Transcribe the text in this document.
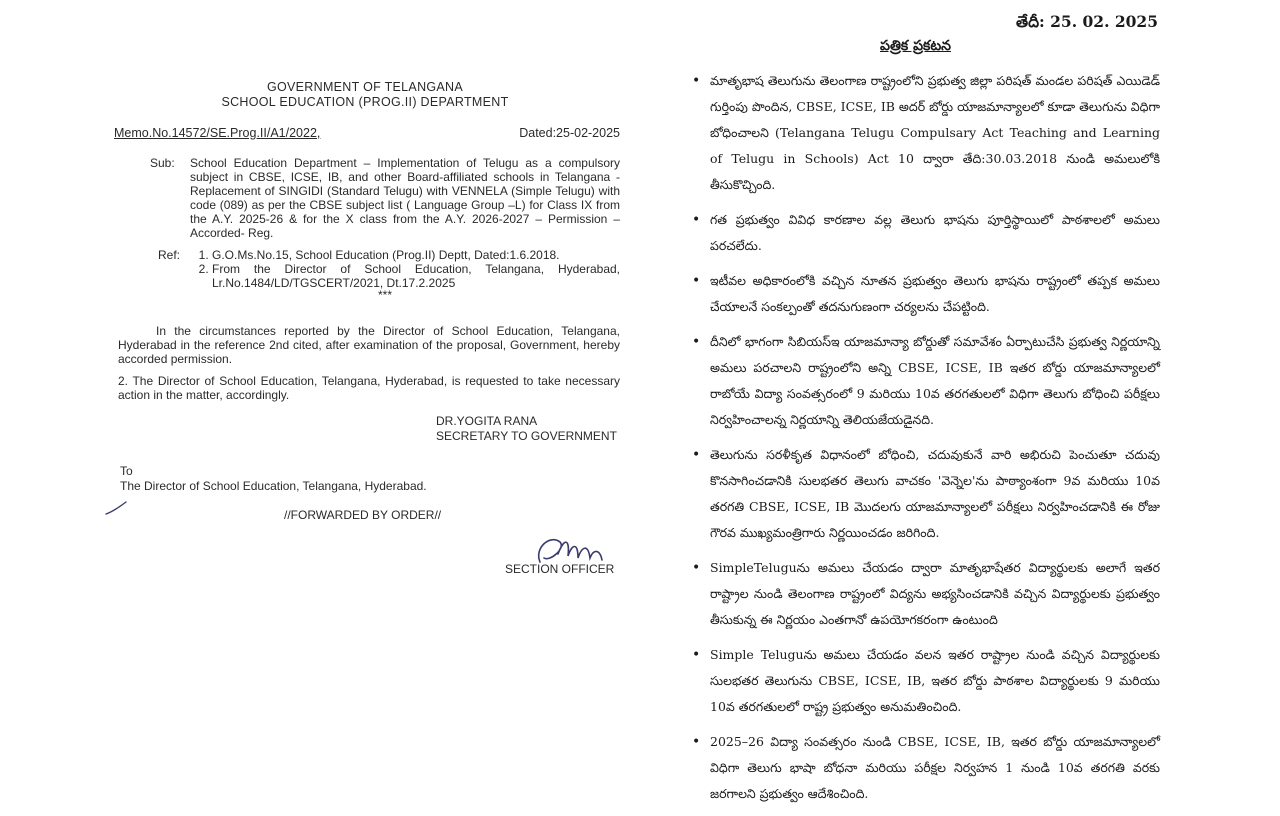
GOVERNMENT OF TELANGANA
SCHOOL EDUCATION (PROG.II) DEPARTMENT
Memo.No.14572/SE.Prog.II/A1/2022,	Dated:25-02-2025
Sub:	School Education Department – Implementation of Telugu as a compulsory subject in CBSE, ICSE, IB, and other Board-affiliated schools in Telangana - Replacement of SINGIDI (Standard Telugu) with VENNELA (Simple Telugu) with code (089) as per the CBSE subject list ( Language Group –L) for Class IX from the A.Y. 2025-26 & for the X class from the A.Y. 2026-2027 – Permission – Accorded- Reg.
Ref:
1.	G.O.Ms.No.15, School Education (Prog.II) Deptt, Dated:1.6.2018.
2. From the Director of School Education, Telangana, Hyderabad, Lr.No.1484/LD/TGSCERT/2021, Dt.17.2.2025
***
In the circumstances reported by the Director of School Education, Telangana, Hyderabad in the reference 2nd cited, after examination of the proposal, Government, hereby accorded permission.
2. The Director of School Education, Telangana, Hyderabad, is requested to take necessary action in the matter, accordingly.
DR.YOGITA RANA
SECRETARY TO GOVERNMENT
To
The Director of School Education, Telangana, Hyderabad.
//FORWARDED BY ORDER//
SECTION OFFICER
తేదీ: 25. 02. 2025
పత్రిక ప్రకటన
• మాతృభాష తెలుగును తెలంగాణ రాష్ట్రంలోని ప్రభుత్వ జిల్లా పరిషత్ మండల పరిషత్ ఎయిడెడ్ గుర్తింపు పొందిన, CBSE, ICSE, IB అదర్ బోర్డు యాజమాన్యాలలో కూడా తెలుగును విధిగా బోధించాలని (Telangana Telugu Compulsary Act Teaching and Learning of Telugu in Schools) Act 10 ద్వారా తేది:30.03.2018 నుండి అమలులోకి తీసుకొచ్చింది.
• గత ప్రభుత్వం వివిధ కారణాల వల్ల తెలుగు భాషను పూర్తిస్థాయిలో పాఠశాలలో అమలు పరచలేదు.
• ఇటీవల అధికారంలోకి వచ్చిన నూతన ప్రభుత్వం తెలుగు భాషను రాష్ట్రంలో తప్పక అమలు చేయాలనే సంకల్పంతో తదనుగుణంగా చర్యలను చేపట్టింది.
• దీనిలో భాగంగా సిబియస్ఇ యాజమాన్యా బోర్డుతో సమావేశం ఏర్పాటుచేసి ప్రభుత్వ నిర్ణయాన్ని అమలు పరచాలని రాష్ట్రంలోని అన్ని CBSE, ICSE, IB ఇతర బోర్డు యాజమాన్యాలలో రాబోయే విద్యా సంవత్సరంలో 9 మరియు 10వ తరగతులలో విధిగా తెలుగు బోధించి పరీక్షలు నిర్వహించాలన్న నిర్ణయాన్ని తెలియజేయడైనది.
• తెలుగును సరళీకృత విధానంలో బోధించి, చదువుకునే వారి అభిరుచి పెంచుతూ చదువు కొనసాగించడానికి సులభతర తెలుగు వాచకం 'వెన్నెల'ను పాఠ్యాంశంగా 9వ మరియు 10వ తరగతి CBSE, ICSE, IB మొదలగు యాజమాన్యాలలో పరీక్షలు నిర్వహించడానికి ఈ రోజు గౌరవ ముఖ్యమంత్రిగారు నిర్ణయించడం జరిగింది.
• SimpleTeluguను అమలు చేయడం ద్వారా మాతృభాషేతర విద్యార్థులకు అలాగే ఇతర రాష్ట్రాల నుండి తెలంగాణ రాష్ట్రంలో విద్యను అభ్యసించడానికి వచ్చిన విద్యార్థులకు ప్రభుత్వం తీసుకున్న ఈ నిర్ణయం ఎంతగానో ఉపయోగకరంగా ఉంటుంది
• Simple Teluguను అమలు చేయడం వలన ఇతర రాష్ట్రాల నుండి వచ్చిన విద్యార్థులకు సులభతర తెలుగును CBSE, ICSE, IB, ఇతర బోర్డు పాఠశాల విద్యార్థులకు 9 మరియు 10వ తరగతులలో రాష్ట్ర ప్రభుత్వం అనుమతించింది.
• 2025–26 విద్యా సంవత్సరం నుండి CBSE, ICSE, IB, ఇతర బోర్డు యాజమాన్యాలలో విధిగా తెలుగు భాషా బోధనా మరియు పరీక్షల నిర్వహన 1 నుండి 10వ తరగతి వరకు జరగాలని ప్రభుత్వం ఆదేశించింది.
